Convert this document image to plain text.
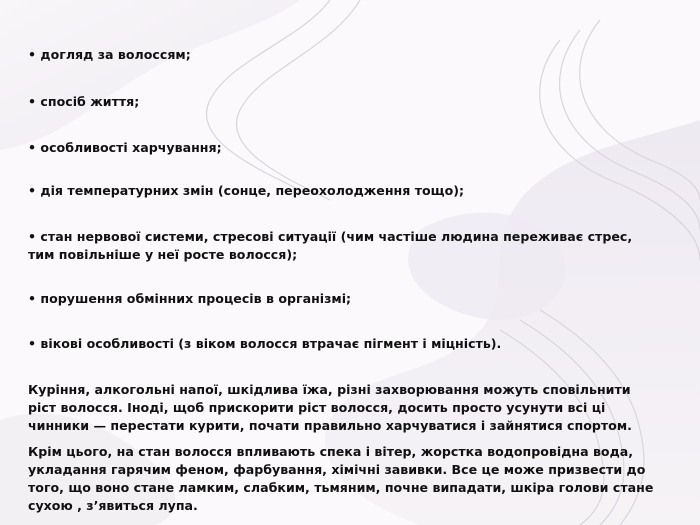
• догляд за волоссям;

• спосіб життя;

• особливості харчування;

• дія температурних змін (сонце, переохолодження тощо);

• стан нервової системи, стресові ситуації (чим частіше людина переживає стрес, тим повільніше у неї росте волосся);

• порушення обмінних процесів в організмі;

• вікові особливості (з віком волосся втрачає пігмент і міцність).

Куріння, алкогольні напої, шкідлива їжа, різні захворювання можуть сповільнити ріст волосся. Іноді, щоб прискорити ріст волосся, досить просто усунути всі ці чинники — перестати курити, почати правильно харчуватися і зайнятися спортом.

Крім цього, на стан волосся впливають спека і вітер, жорстка водопровідна вода, укладання гарячим феном, фарбування, хімічні завивки. Все це може призвести до того, що воно стане ламким, слабким, тьмяним, почне випадати, шкіра голови стане сухою , з’явиться лупа.
